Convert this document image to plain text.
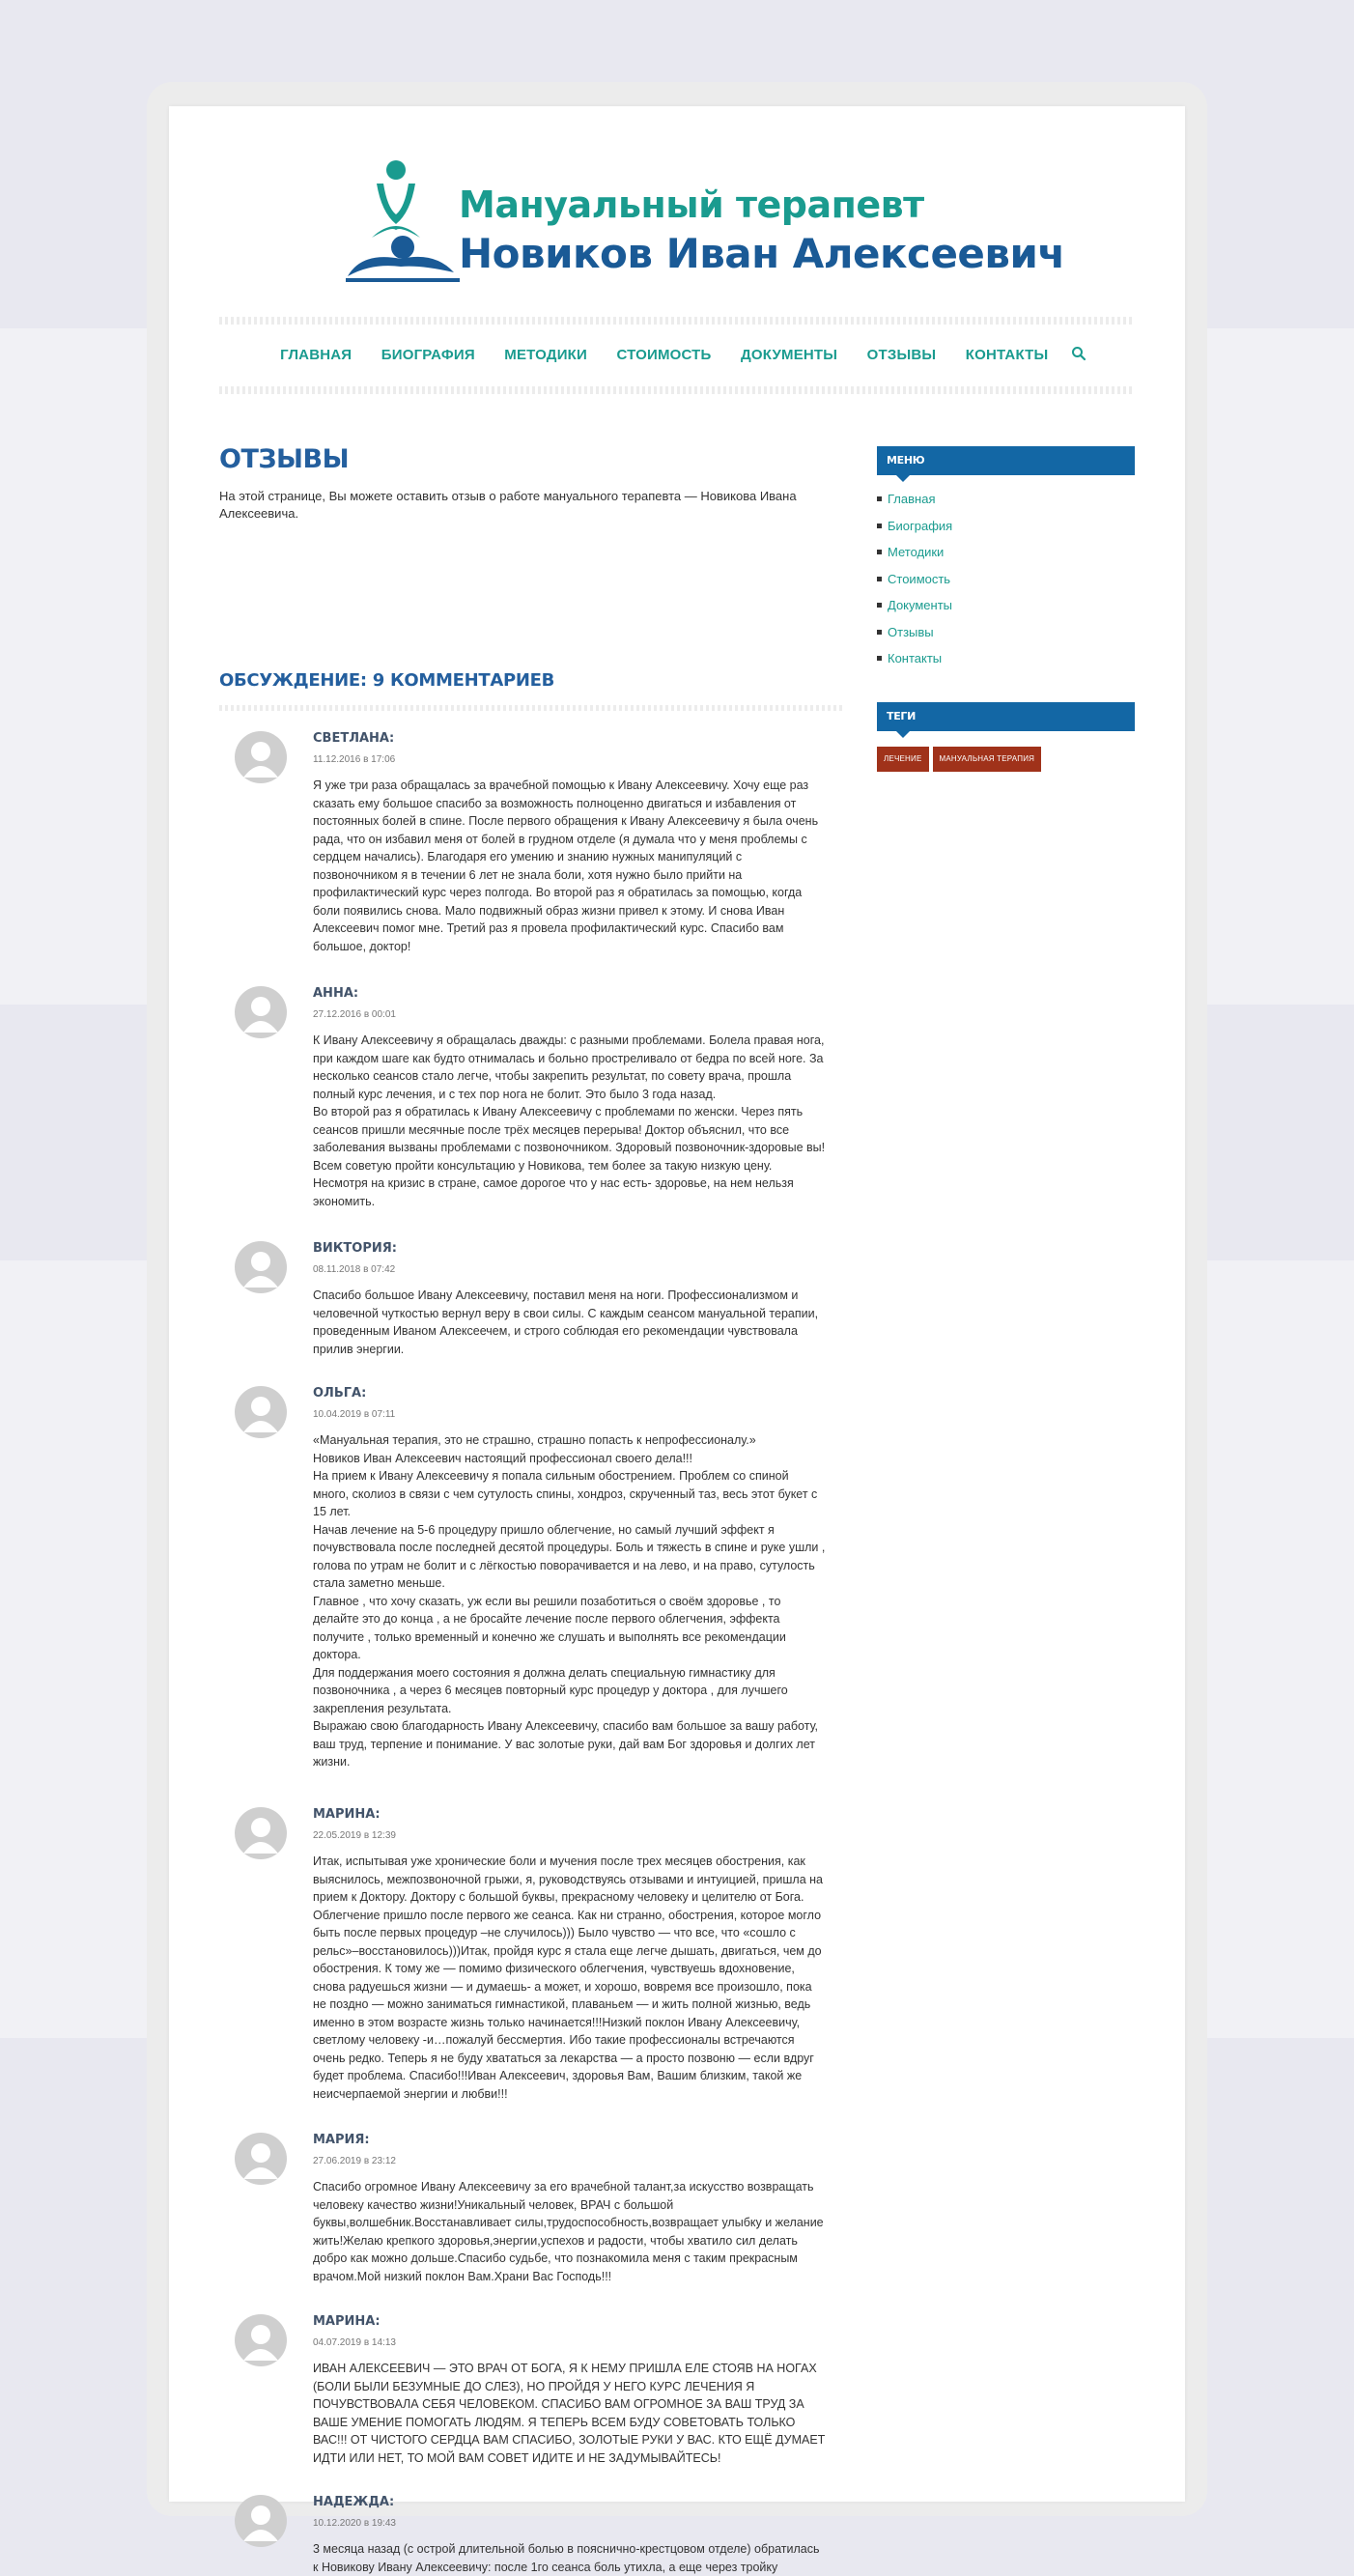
Мануальный терапевт
Новиков Иван Алексеевич
ГЛАВНАЯ БИОГРАФИЯ МЕТОДИКИ СТОИМОСТЬ ДОКУМЕНТЫ ОТЗЫВЫ КОНТАКТЫ
ОТЗЫВЫ

На этой странице, Вы можете оставить отзыв о работе мануального терапевта — Новикова Ивана Алексеевича.

ОБСУЖДЕНИЕ: 9 КОММЕНТАРИЕВ

СВЕТЛАНА:

11.12.2016 в 17:06

Я уже три раза обращалась за врачебной помощью к Ивану Алексеевичу. Хочу еще раз
сказать ему большое спасибо за возможность полноценно двигаться и избавления от
постоянных болей в спине. После первого обращения к Ивану Алексеевичу я была очень
рада, что он избавил меня от болей в грудном отделе (я думала что у меня проблемы с
сердцем начались). Благодаря его умению и знанию нужных манипуляций с
позвоночником я в течении 6 лет не знала боли, хотя нужно было прийти на
профилактический курс через полгода. Во второй раз я обратилась за помощью, когда
боли появились снова. Мало подвижный образ жизни привел к этому. И снова Иван
Алексеевич помог мне. Третий раз я провела профилактический курс. Спасибо вам
большое, доктор!

АННА:

27.12.2016 в 00:01

К Ивану Алексеевичу я обращалась дважды: с разными проблемами. Болела правая нога,
при каждом шаге как будто отнималась и больно простреливало от бедра по всей ноге. За
несколько сеансов стало легче, чтобы закрепить результат, по совету врача, прошла
полный курс лечения, и с тех пор нога не болит. Это было 3 года назад.
Во второй раз я обратилась к Ивану Алексеевичу с проблемами по женски. Через пять
сеансов пришли месячные после трёх месяцев перерыва! Доктор объяснил, что все
заболевания вызваны проблемами с позвоночником. Здоровый позвоночник-здоровые вы!
Всем советую пройти консультацию у Новикова, тем более за такую низкую цену.
Несмотря на кризис в стране, самое дорогое что у нас есть- здоровье, на нем нельзя
экономить.

ВИКТОРИЯ:

08.11.2018 в 07:42

Спасибо большое Ивану Алексеевичу, поставил меня на ноги. Профессионализмом и
человечной чуткостью вернул веру в свои силы. С каждым сеансом мануальной терапии,
проведенным Иваном Алексеечем, и строго соблюдая его рекомендации чувствовала
прилив энергии.

ОЛЬГА:

10.04.2019 в 07:11

«Мануальная терапия, это не страшно, страшно попасть к непрофессионалу.»
Новиков Иван Алексеевич настоящий профессионал своего дела!!!
На прием к Ивану Алексеевичу я попала сильным обострением. Проблем со спиной
много, сколиоз в связи с чем сутулость спины, хондроз, скрученный таз, весь этот букет с
15 лет.
Начав лечение на 5-6 процедуру пришло облегчение, но самый лучший эффект я
почувствовала после последней десятой процедуры. Боль и тяжесть в спине и руке ушли ,
голова по утрам не болит и с лёгкостью поворачивается и на лево, и на право, сутулость
стала заметно меньше.
Главное , что хочу сказать, уж если вы решили позаботиться о своём здоровье , то
делайте это до конца , а не бросайте лечение после первого облегчения, эффекта
получите , только временный и конечно же слушать и выполнять все рекомендации
доктора.
Для поддержания моего состояния я должна делать специальную гимнастику для
позвоночника , а через 6 месяцев повторный курс процедур у доктора , для лучшего
закрепления результата.
Выражаю свою благодарность Ивану Алексеевичу, спасибо вам большое за вашу работу,
ваш труд, терпение и понимание. У вас золотые руки, дай вам Бог здоровья и долгих лет
жизни.

МАРИНА:

22.05.2019 в 12:39

Итак, испытывая уже хронические боли и мучения после трех месяцев обострения, как
выяснилось, межпозвоночной грыжи, я, руководствуясь отзывами и интуицией, пришла на
прием к Доктору. Доктору с большой буквы, прекрасному человеку и целителю от Бога.
Облегчение пришло после первого же сеанса. Как ни странно, обострения, которое могло
быть после первых процедур –не случилось))) Было чувство — что все, что «сошло с
рельс»–восстановилось)))Итак, пройдя курс я стала еще легче дышать, двигаться, чем до
обострения. К тому же — помимо физического облегчения, чувствуешь вдохновение,
снова радуешься жизни — и думаешь- а может, и хорошо, вовремя все произошло, пока
не поздно — можно заниматься гимнастикой, плаваньем — и жить полной жизнью, ведь
именно в этом возрасте жизнь только начинается!!!Низкий поклон Ивану Алексеевичу,
светлому человеку -и…пожалуй бессмертия. Ибо такие профессионалы встречаются
очень редко. Теперь я не буду хвататься за лекарства — а просто позвоню — если вдруг
будет проблема. Спасибо!!!Иван Алексеевич, здоровья Вам, Вашим близким, такой же
неисчерпаемой энергии и любви!!!

МАРИЯ:

27.06.2019 в 23:12

Спасибо огромное Ивану Алексеевичу за его врачебной талант,за искусство возвращать
человеку качество жизни!Уникальный человек, ВРАЧ с большой
буквы,волшебник.Восстанавливает силы,трудоспособность,возвращает улыбку и желание
жить!Желаю крепкого здоровья,энергии,успехов и радости, чтобы хватило сил делать
добро как можно дольше.Спасибо судьбе, что познакомила меня с таким прекрасным
врачом.Мой низкий поклон Вам.Храни Вас Господь!!!

МАРИНА:

04.07.2019 в 14:13

ИВАН АЛЕКСЕЕВИЧ — ЭТО ВРАЧ ОТ БОГА, Я К НЕМУ ПРИШЛА ЕЛЕ СТОЯВ НА НОГАХ
(БОЛИ БЫЛИ БЕЗУМНЫЕ ДО СЛЕЗ), НО ПРОЙДЯ У НЕГО КУРС ЛЕЧЕНИЯ Я
ПОЧУВСТВОВАЛА СЕБЯ ЧЕЛОВЕКОМ. СПАСИБО ВАМ ОГРОМНОЕ ЗА ВАШ ТРУД ЗА
ВАШЕ УМЕНИЕ ПОМОГАТЬ ЛЮДЯМ. Я ТЕПЕРЬ ВСЕМ БУДУ СОВЕТОВАТЬ ТОЛЬКО
ВАС!!! ОТ ЧИСТОГО СЕРДЦА ВАМ СПАСИБО, ЗОЛОТЫЕ РУКИ У ВАС. КТО ЕЩЁ ДУМАЕТ
ИДТИ ИЛИ НЕТ, ТО МОЙ ВАМ СОВЕТ ИДИТЕ И НЕ ЗАДУМЫВАЙТЕСЬ!

НАДЕЖДА:

10.12.2020 в 19:43

3 месяца назад (с острой длительной болью в пояснично-крестцовом отделе) обратилась
к Новикову Ивану Алексеевичу: после 1го сеанса боль утихла, а еще через тройку

МЕНЮ
Главная
Биография
Методики
Стоимость
Документы
Отзывы
Контакты
ТЕГИ
ЛЕЧЕНИЕ МАНУАЛЬНАЯ ТЕРАПИЯ
